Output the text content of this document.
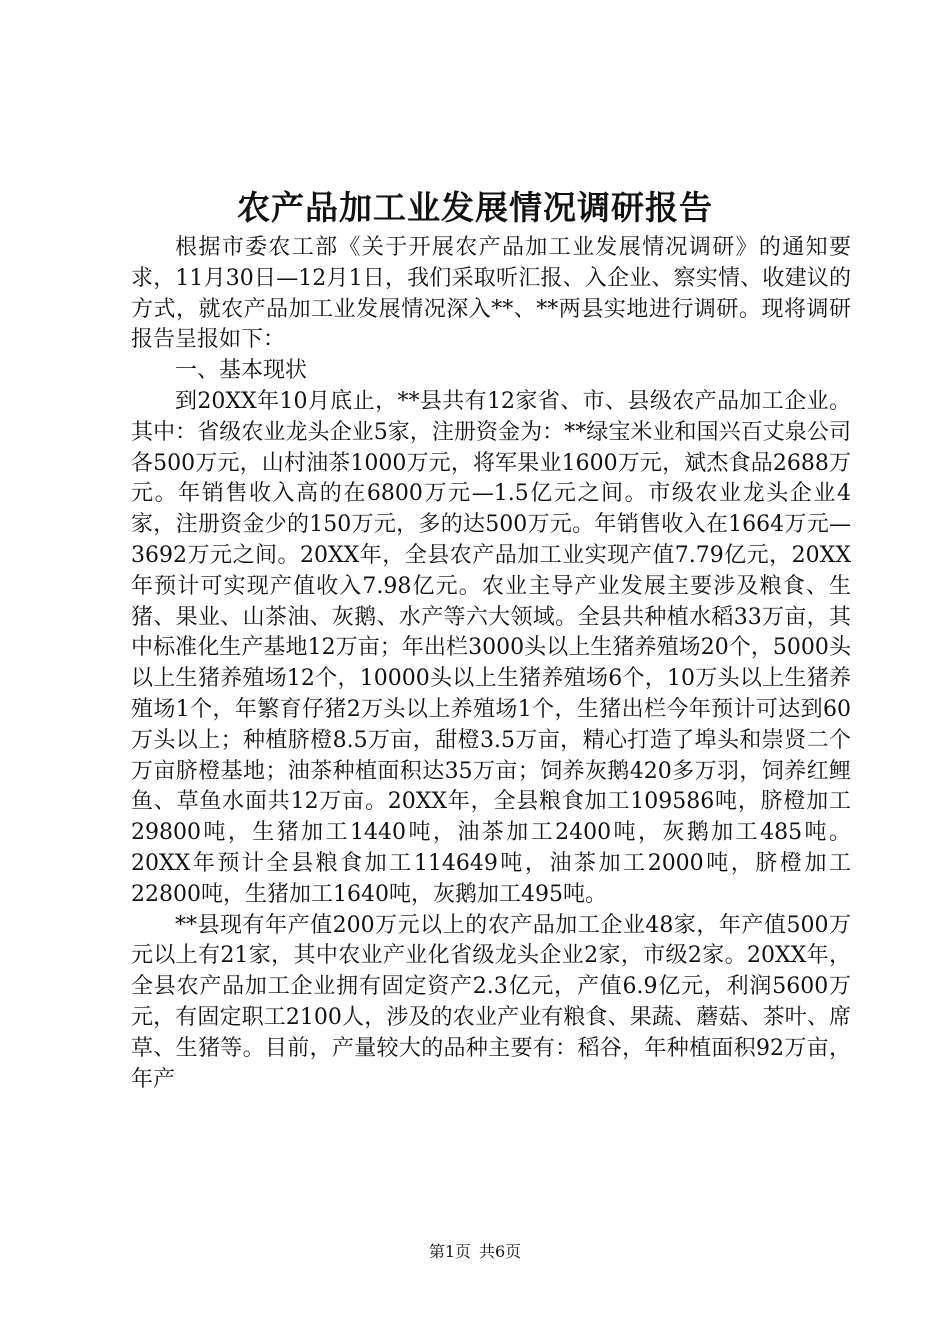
农产品加工业发展情况调研报告

根据市委农工部《关于开展农产品加工业发展情况调研》的通知要求，11月30日—12月1日，我们采取听汇报、入企业、察实情、收建议的方式，就农产品加工业发展情况深入**、**两县实地进行调研。现将调研报告呈报如下：

一、基本现状

到20XX年10月底止，**县共有12家省、市、县级农产品加工企业。其中：省级农业龙头企业5家，注册资金为：**绿宝米业和国兴百丈泉公司各500万元，山村油茶1000万元，将军果业1600万元，斌杰食品2688万元。年销售收入高的在6800万元—1.5亿元之间。市级农业龙头企业4家，注册资金少的150万元，多的达500万元。年销售收入在1664万元—3692万元之间。20XX年，全县农产品加工业实现产值7.79亿元，20XX年预计可实现产值收入7.98亿元。农业主导产业发展主要涉及粮食、生猪、果业、山茶油、灰鹅、水产等六大领域。全县共种植水稻33万亩，其中标准化生产基地12万亩；年出栏3000头以上生猪养殖场20个，5000头以上生猪养殖场12个，10000头以上生猪养殖场6个，10万头以上生猪养殖场1个，年繁育仔猪2万头以上养殖场1个，生猪出栏今年预计可达到60万头以上；种植脐橙8.5万亩，甜橙3.5万亩，精心打造了埠头和崇贤二个万亩脐橙基地；油茶种植面积达35万亩；饲养灰鹅420多万羽，饲养红鲤鱼、草鱼水面共12万亩。20XX年，全县粮食加工109586吨，脐橙加工29800吨，生猪加工1440吨，油茶加工2400吨，灰鹅加工485吨。20XX年预计全县粮食加工114649吨，油茶加工2000吨，脐橙加工22800吨，生猪加工1640吨，灰鹅加工495吨。

**县现有年产值200万元以上的农产品加工企业48家，年产值500万元以上有21家，其中农业产业化省级龙头企业2家，市级2家。20XX年，全县农产品加工企业拥有固定资产2.3亿元，产值6.9亿元，利润5600万元，有固定职工2100人，涉及的农业产业有粮食、果蔬、蘑菇、茶叶、席草、生猪等。目前，产量较大的品种主要有：稻谷，年种植面积92万亩，年产

第1页 共6页
